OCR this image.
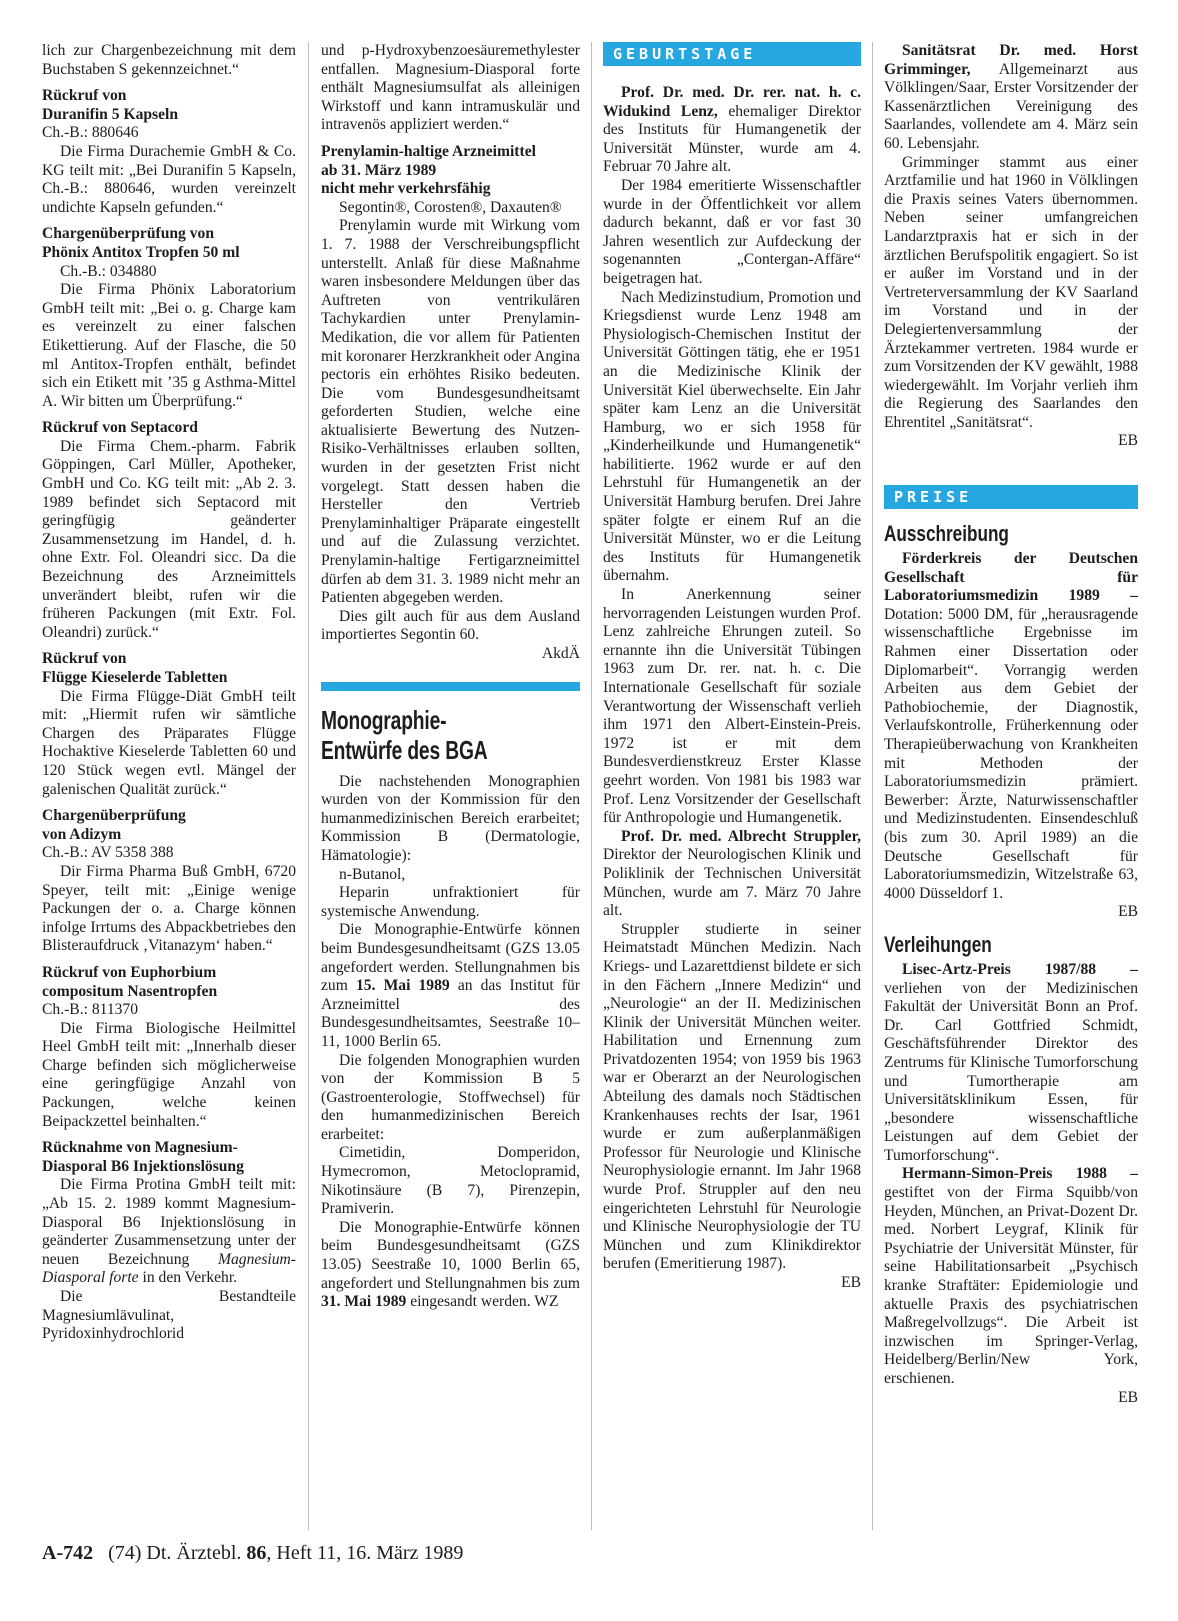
lich zur Chargenbezeichnung mit dem Buchstaben S gekennzeichnet.“

Rückruf von
Duranifin 5 Kapseln

Ch.-B.: 880646

Die Firma Durachemie GmbH & Co. KG teilt mit: „Bei Duranifin 5 Kapseln, Ch.-B.: 880646, wurden vereinzelt undichte Kapseln gefunden.“

Chargenüberprüfung von
Phönix Antitox Tropfen 50 ml

Ch.-B.: 034880

Die Firma Phönix Laboratorium GmbH teilt mit: „Bei o. g. Charge kam es vereinzelt zu einer falschen Etikettierung. Auf der Flasche, die 50 ml Antitox-Tropfen enthält, befindet sich ein Etikett mit ’35 g Asthma-Mittel A. Wir bitten um Überprüfung.“

Rückruf von Septacord

Die Firma Chem.-pharm. Fabrik Göppingen, Carl Müller, Apotheker, GmbH und Co. KG teilt mit: „Ab 2. 3. 1989 befindet sich Septacord mit geringfügig geänderter Zusammensetzung im Handel, d. h. ohne Extr. Fol. Oleandri sicc. Da die Bezeichnung des Arzneimittels unverändert bleibt, rufen wir die früheren Packungen (mit Extr. Fol. Oleandri) zurück.“

Rückruf von
Flügge Kieselerde Tabletten

Die Firma Flügge-Diät GmbH teilt mit: „Hiermit rufen wir sämtliche Chargen des Präparates Flügge Hochaktive Kieselerde Tabletten 60 und 120 Stück wegen evtl. Mängel der galenischen Qualität zurück.“

Chargenüberprüfung
von Adizym

Ch.-B.: AV 5358 388

Dir Firma Pharma Buß GmbH, 6720 Speyer, teilt mit: „Einige wenige Packungen der o. a. Charge können infolge Irrtums des Abpackbetriebes den Blisteraufdruck ‚Vitanazym‘ haben.“

Rückruf von Euphorbium
compositum Nasentropfen

Ch.-B.: 811370

Die Firma Biologische Heilmittel Heel GmbH teilt mit: „Innerhalb dieser Charge befinden sich möglicherweise eine geringfügige Anzahl von Packungen, welche keinen Beipackzettel beinhalten.“

Rücknahme von Magnesium-
Diasporal B6 Injektionslösung

Die Firma Protina GmbH teilt mit: „Ab 15. 2. 1989 kommt Magnesium-Diasporal B6 Injektionslösung in geänderter Zusammensetzung unter der neuen Bezeichnung Magnesium-Diasporal forte in den Verkehr.

Die Bestandteile Magnesiumlävulinat, Pyridoxinhydrochlorid

und p-Hydroxybenzoesäuremethylester entfallen. Magnesium-Diasporal forte enthält Magnesiumsulfat als alleinigen Wirkstoff und kann intramuskulär und intravenös appliziert werden.“

Prenylamin-haltige Arzneimittel
ab 31. März 1989
nicht mehr verkehrsfähig

Segontin®, Corosten®, Daxauten®

Prenylamin wurde mit Wirkung vom 1. 7. 1988 der Verschreibungspflicht unterstellt. Anlaß für diese Maßnahme waren insbesondere Meldungen über das Auftreten von ventrikulären Tachykardien unter Prenylamin-Medikation, die vor allem für Patienten mit koronarer Herzkrankheit oder Angina pectoris ein erhöhtes Risiko bedeuten. Die vom Bundesgesundheitsamt geforderten Studien, welche eine aktualisierte Bewertung des Nutzen-Risiko-Verhältnisses erlauben sollten, wurden in der gesetzten Frist nicht vorgelegt. Statt dessen haben die Hersteller den Vertrieb Prenylaminhaltiger Präparate eingestellt und auf die Zulassung verzichtet. Prenylamin-haltige Fertigarzneimittel dürfen ab dem 31. 3. 1989 nicht mehr an Patienten abgegeben werden.

Dies gilt auch für aus dem Ausland importiertes Segontin 60.

AkdÄ

Monographie-
Entwürfe des BGA

Die nachstehenden Monographien wurden von der Kommission für den humanmedizinischen Bereich erarbeitet; Kommission B (Dermatologie, Hämatologie):

n-Butanol,

Heparin unfraktioniert für systemische Anwendung.

Die Monographie-Entwürfe können beim Bundesgesundheitsamt (GZS 13.05 angefordert werden. Stellungnahmen bis zum 15. Mai 1989 an das Institut für Arzneimittel des Bundesgesundheitsamtes, Seestraße 10–11, 1000 Berlin 65.

Die folgenden Monographien wurden von der Kommission B 5 (Gastroenterologie, Stoffwechsel) für den humanmedizinischen Bereich erarbeitet:

Cimetidin, Domperidon, Hymecromon, Metoclopramid, Nikotinsäure (B 7), Pirenzepin, Pramiverin.

Die Monographie-Entwürfe können beim Bundesgesundheitsamt (GZS 13.05) Seestraße 10, 1000 Berlin 65, angefordert und Stellungnahmen bis zum 31. Mai 1989 eingesandt werden. WZ

GEBURTSTAGE

Prof. Dr. med. Dr. rer. nat. h. c. Widukind Lenz, ehemaliger Direktor des Instituts für Humangenetik der Universität Münster, wurde am 4. Februar 70 Jahre alt.

Der 1984 emeritierte Wissenschaftler wurde in der Öffentlichkeit vor allem dadurch bekannt, daß er vor fast 30 Jahren wesentlich zur Aufdeckung der sogenannten „Contergan-Affäre“ beigetragen hat.

Nach Medizinstudium, Promotion und Kriegsdienst wurde Lenz 1948 am Physiologisch-Chemischen Institut der Universität Göttingen tätig, ehe er 1951 an die Medizinische Klinik der Universität Kiel überwechselte. Ein Jahr später kam Lenz an die Universität Hamburg, wo er sich 1958 für „Kinderheilkunde und Humangenetik“ habilitierte. 1962 wurde er auf den Lehrstuhl für Humangenetik an der Universität Hamburg berufen. Drei Jahre später folgte er einem Ruf an die Universität Münster, wo er die Leitung des Instituts für Humangenetik übernahm.

In Anerkennung seiner hervorragenden Leistungen wurden Prof. Lenz zahlreiche Ehrungen zuteil. So ernannte ihn die Universität Tübingen 1963 zum Dr. rer. nat. h. c. Die Internationale Gesellschaft für soziale Verantwortung der Wissenschaft verlieh ihm 1971 den Albert-Einstein-Preis. 1972 ist er mit dem Bundesverdienstkreuz Erster Klasse geehrt worden. Von 1981 bis 1983 war Prof. Lenz Vorsitzender der Gesellschaft für Anthropologie und Humangenetik.

Prof. Dr. med. Albrecht Struppler, Direktor der Neurologischen Klinik und Poliklinik der Technischen Universität München, wurde am 7. März 70 Jahre alt.

Struppler studierte in seiner Heimatstadt München Medizin. Nach Kriegs- und Lazarettdienst bildete er sich in den Fächern „Innere Medizin“ und „Neurologie“ an der II. Medizinischen Klinik der Universität München weiter. Habilitation und Ernennung zum Privatdozenten 1954; von 1959 bis 1963 war er Oberarzt an der Neurologischen Abteilung des damals noch Städtischen Krankenhauses rechts der Isar, 1961 wurde er zum außerplanmäßigen Professor für Neurologie und Klinische Neurophysiologie ernannt. Im Jahr 1968 wurde Prof. Struppler auf den neu eingerichteten Lehrstuhl für Neurologie und Klinische Neurophysiologie der TU München und zum Klinikdirektor berufen (Emeritierung 1987).

EB

Sanitätsrat Dr. med. Horst Grimminger, Allgemeinarzt aus Völklingen/Saar, Erster Vorsitzender der Kassenärztlichen Vereinigung des Saarlandes, vollendete am 4. März sein 60. Lebensjahr.

Grimminger stammt aus einer Arztfamilie und hat 1960 in Völklingen die Praxis seines Vaters übernommen. Neben seiner umfangreichen Landarztpraxis hat er sich in der ärztlichen Berufspolitik engagiert. So ist er außer im Vorstand und in der Vertreterversammlung der KV Saarland im Vorstand und in der Delegiertenversammlung der Ärztekammer vertreten. 1984 wurde er zum Vorsitzenden der KV gewählt, 1988 wiedergewählt. Im Vorjahr verlieh ihm die Regierung des Saarlandes den Ehrentitel „Sanitätsrat“.

EB

PREISE
Ausschreibung

Förderkreis der Deutschen Gesellschaft für Laboratoriumsmedizin 1989 – Dotation: 5000 DM, für „herausragende wissenschaftliche Ergebnisse im Rahmen einer Dissertation oder Diplomarbeit“. Vorrangig werden Arbeiten aus dem Gebiet der Pathobiochemie, der Diagnostik, Verlaufskontrolle, Früherkennung oder Therapieüberwachung von Krankheiten mit Methoden der Laboratoriumsmedizin prämiert. Bewerber: Ärzte, Naturwissenschaftler und Medizinstudenten. Einsendeschluß (bis zum 30. April 1989) an die Deutsche Gesellschaft für Laboratoriumsmedizin, Witzelstraße 63, 4000 Düsseldorf 1.

EB

Verleihungen

Lisec-Artz-Preis 1987/88 – verliehen von der Medizinischen Fakultät der Universität Bonn an Prof. Dr. Carl Gottfried Schmidt, Geschäftsführender Direktor des Zentrums für Klinische Tumorforschung und Tumortherapie am Universitätsklinikum Essen, für „besondere wissenschaftliche Leistungen auf dem Gebiet der Tumorforschung“.

Hermann-Simon-Preis 1988 – gestiftet von der Firma Squibb/von Heyden, München, an Privat-Dozent Dr. med. Norbert Leygraf, Klinik für Psychiatrie der Universität Münster, für seine Habilitationsarbeit „Psychisch kranke Straftäter: Epidemiologie und aktuelle Praxis des psychiatrischen Maßregelvollzugs“. Die Arbeit ist inzwischen im Springer-Verlag, Heidelberg/Berlin/New York, erschienen.

EB

A-742 (74) Dt. Ärztebl. 86, Heft 11, 16. März 1989
